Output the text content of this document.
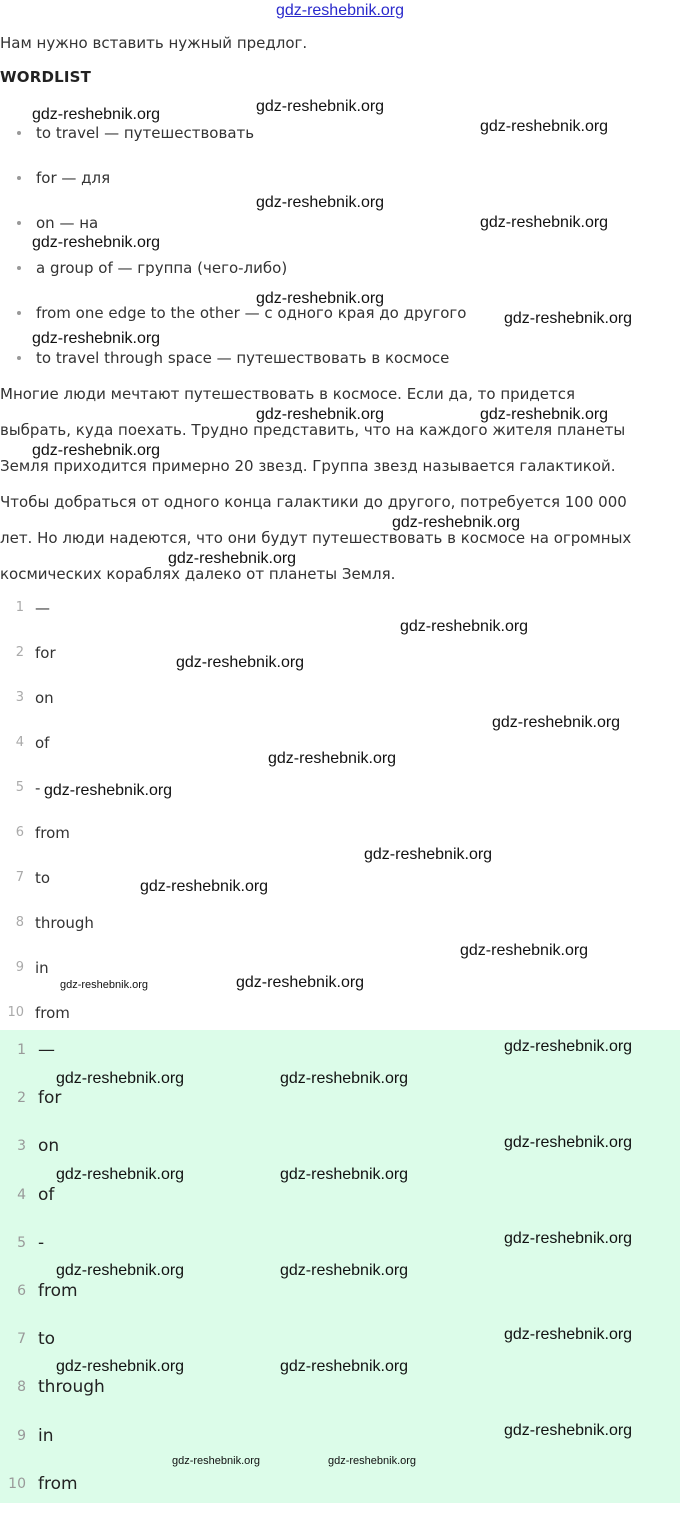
gdz-reshebnik.org
Нам нужно вставить нужный предлог.
WORDLIST
to travel — путешествовать
for — для
on — на
a group of — группа (чего-либо)
from one edge to the other — с одного края до другого
to travel through space — путешествовать в космосе

Многие люди мечтают путешествовать в космосе. Если да, то придется

выбрать, куда поехать. Трудно представить, что на каждого жителя планеты

Земля приходится примерно 20 звезд. Группа звезд называется галактикой.

Чтобы добраться от одного конца галактики до другого, потребуется 100 000

лет. Но люди надеются, что они будут путешествовать в космосе на огромных

космических кораблях далеко от планеты Земля.

1 —
2 for
3 on
4 of
5 -
6 from
7 to
8 through
9 in
10 from
1 —
2 for
3 on
4 of
5 -
6 from
7 to
8 through
9 in
10 from
gdz-reshebnik.org	gdz-reshebnik.org
gdz-reshebnik.org
gdz-reshebnik.org
gdz-reshebnik.org
gdz-reshebnik.org
gdz-reshebnik.org
gdz-reshebnik.org
gdz-reshebnik.org
gdz-reshebnik.org	gdz-reshebnik.org
gdz-reshebnik.org
gdz-reshebnik.org
gdz-reshebnik.org
gdz-reshebnik.org
gdz-reshebnik.org
gdz-reshebnik.org
gdz-reshebnik.org
gdz-reshebnik.org
gdz-reshebnik.org
gdz-reshebnik.org
gdz-reshebnik.org
gdz-reshebnik.org	gdz-reshebnik.org
gdz-reshebnik.org
gdz-reshebnik.org	gdz-reshebnik.org
gdz-reshebnik.org
gdz-reshebnik.org	gdz-reshebnik.org
gdz-reshebnik.org
gdz-reshebnik.org	gdz-reshebnik.org
gdz-reshebnik.org
gdz-reshebnik.org	gdz-reshebnik.org
gdz-reshebnik.org
gdz-reshebnik.org	gdz-reshebnik.org
